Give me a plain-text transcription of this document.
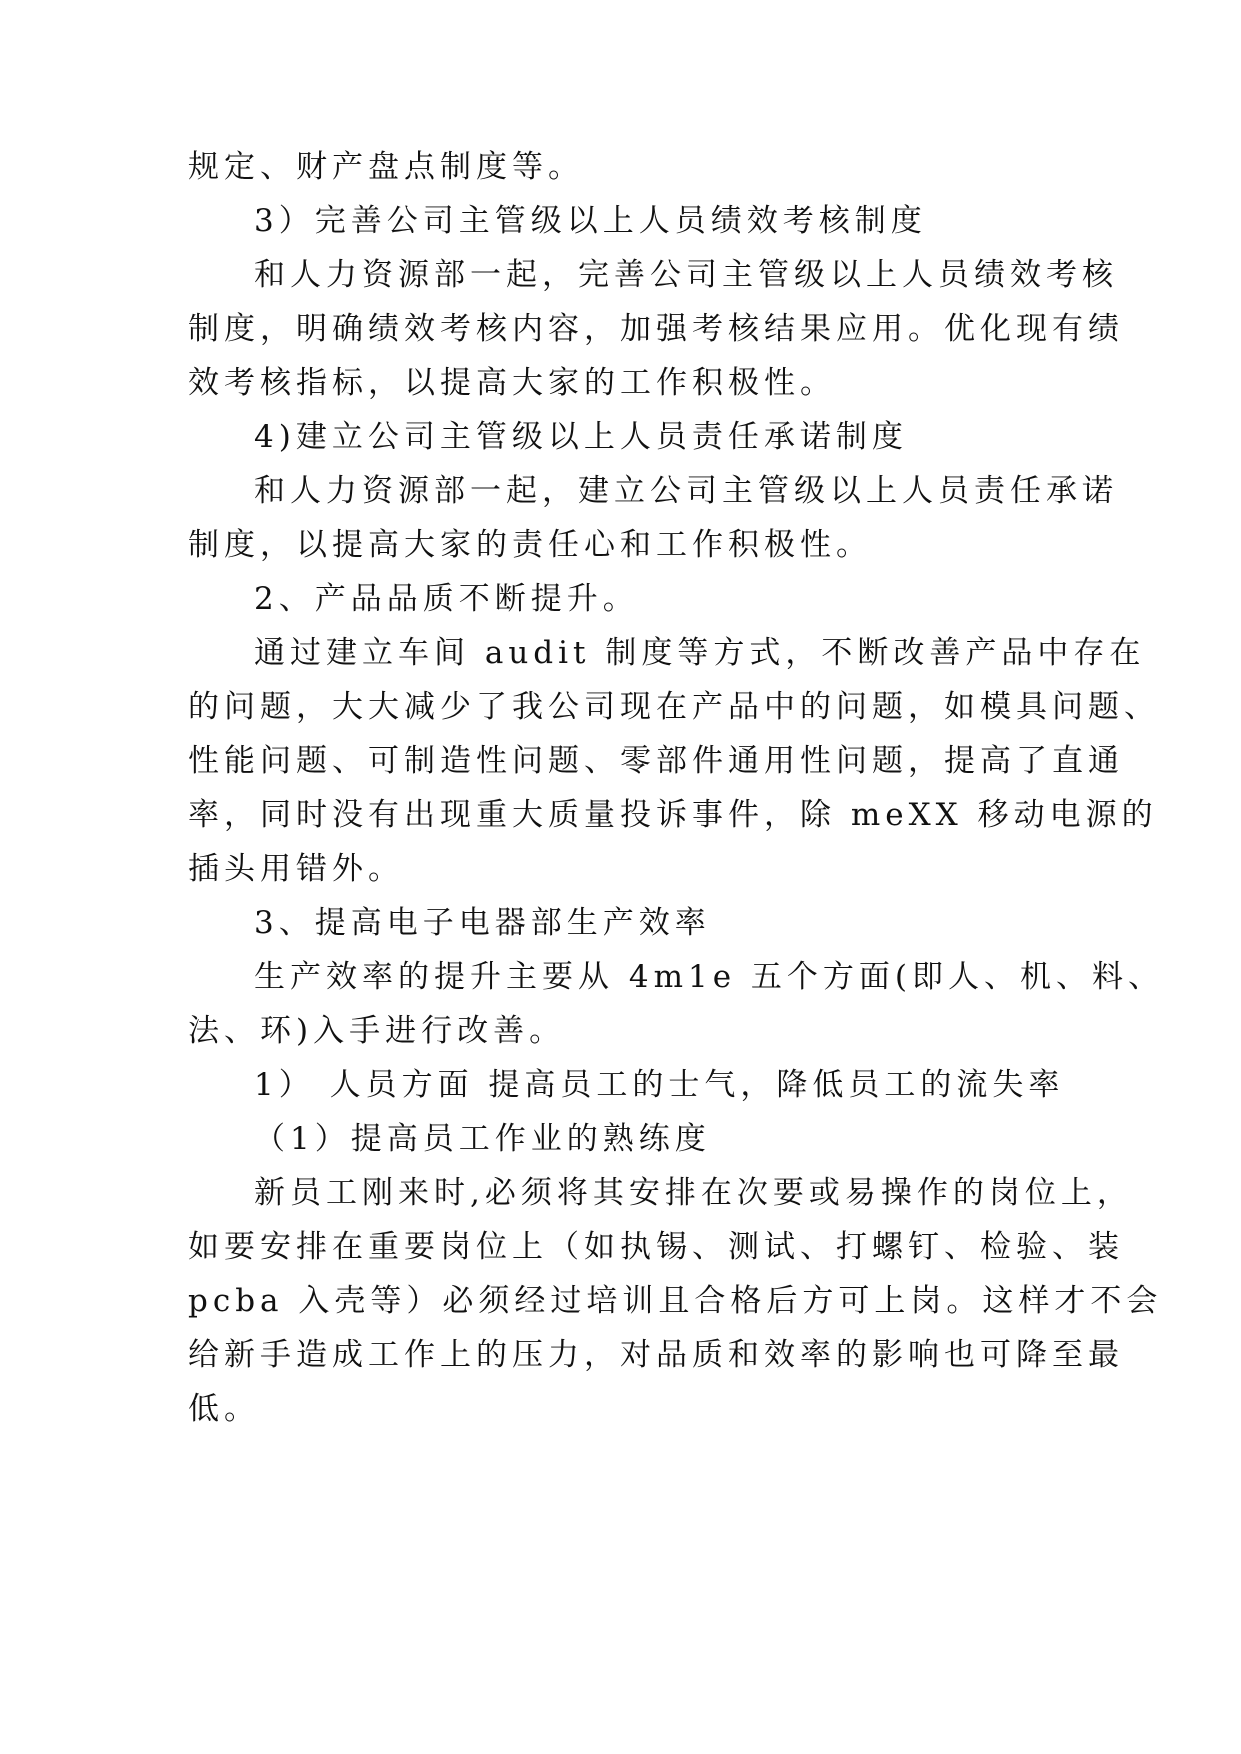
规定、财产盘点制度等。
3）完善公司主管级以上人员绩效考核制度
和人力资源部一起，完善公司主管级以上人员绩效考核
制度，明确绩效考核内容，加强考核结果应用。优化现有绩
效考核指标，以提高大家的工作积极性。
4)建立公司主管级以上人员责任承诺制度
和人力资源部一起，建立公司主管级以上人员责任承诺
制度，以提高大家的责任心和工作积极性。
2、产品品质不断提升。
通过建立车间 audit 制度等方式，不断改善产品中存在
的问题，大大减少了我公司现在产品中的问题，如模具问题、
性能问题、可制造性问题、零部件通用性问题，提高了直通
率，同时没有出现重大质量投诉事件，除 meXX 移动电源的
插头用错外。
3、提高电子电器部生产效率
生产效率的提升主要从 4m1e 五个方面(即人、机、料、
法、环)入手进行改善。
1） 人员方面 提高员工的士气，降低员工的流失率
（1）提高员工作业的熟练度
新员工刚来时,必须将其安排在次要或易操作的岗位上，
如要安排在重要岗位上（如执锡、测试、打螺钉、检验、装
pcba 入壳等）必须经过培训且合格后方可上岗。这样才不会
给新手造成工作上的压力，对品质和效率的影响也可降至最
低。
